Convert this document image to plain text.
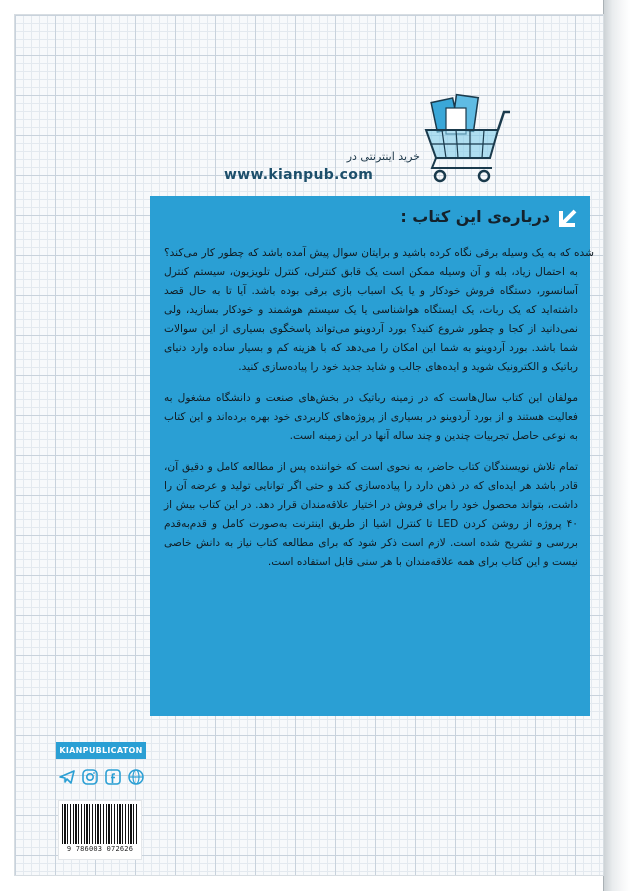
خرید اینترنتی در
www.kianpub.com
درباره‌ی این کتاب :

شده که به یک وسیله برقی نگاه کرده باشید و برایتان سوال پیش آمده باشد که چطور کار می‌کند؟ به احتمال زیاد، بله و آن وسیله ممکن است یک قابق کنترلی، کنترل تلویزیون، سیستم کنترل آسانسور، دستگاه فروش خودکار و یا یک اسباب بازی برقی بوده باشد. آیا تا به حال قصد داشته‌اید که یک ربات، یک ایستگاه هواشناسی یا یک سیستم هوشمند و خودکار بسازید، ولی نمی‌دانید از کجا و چطور شروع کنید؟ بورد آردوینو می‌تواند پاسخگوی بسیاری از این سوالات شما باشد. بورد آردوینو به شما این امکان را می‌دهد که با هزینه کم و بسیار ساده وارد دنیای رباتیک و الکترونیک شوید و ایده‌های جالب و شاید جدید خود را پیاده‌سازی کنید.

مولفان این کتاب سال‌هاست که در زمینه رباتیک در بخش‌های صنعت و دانشگاه مشغول به فعالیت هستند و از بورد آردوینو در بسیاری از پروژه‌های کاربردی خود بهره برده‌اند و این کتاب به نوعی حاصل تجربیات چندین و چند ساله آنها در این زمینه است.

تمام تلاش نویسندگان کتاب حاضر، به نحوی است که خواننده پس از مطالعه کامل و دقیق آن، قادر باشد هر ایده‌ای که در ذهن دارد را پیاده‌سازی کند و حتی اگر توانایی تولید و عرضه آن را داشت، بتواند محصول خود را برای فروش در اختیار علاقه‌مندان قرار دهد. در این کتاب بیش از ۴۰ پروژه از روشن کردن LED تا کنترل اشیا از طریق اینترنت به‌صورت کامل و قدم‌به‌قدم بررسی و تشریح شده است. لازم است ذکر شود که برای مطالعه کتاب نیاز به دانش خاصی نیست و این کتاب برای همه علاقه‌مندان با هر سنی قابل استفاده است.

KIANPUBLICATON
9 786003 072626
